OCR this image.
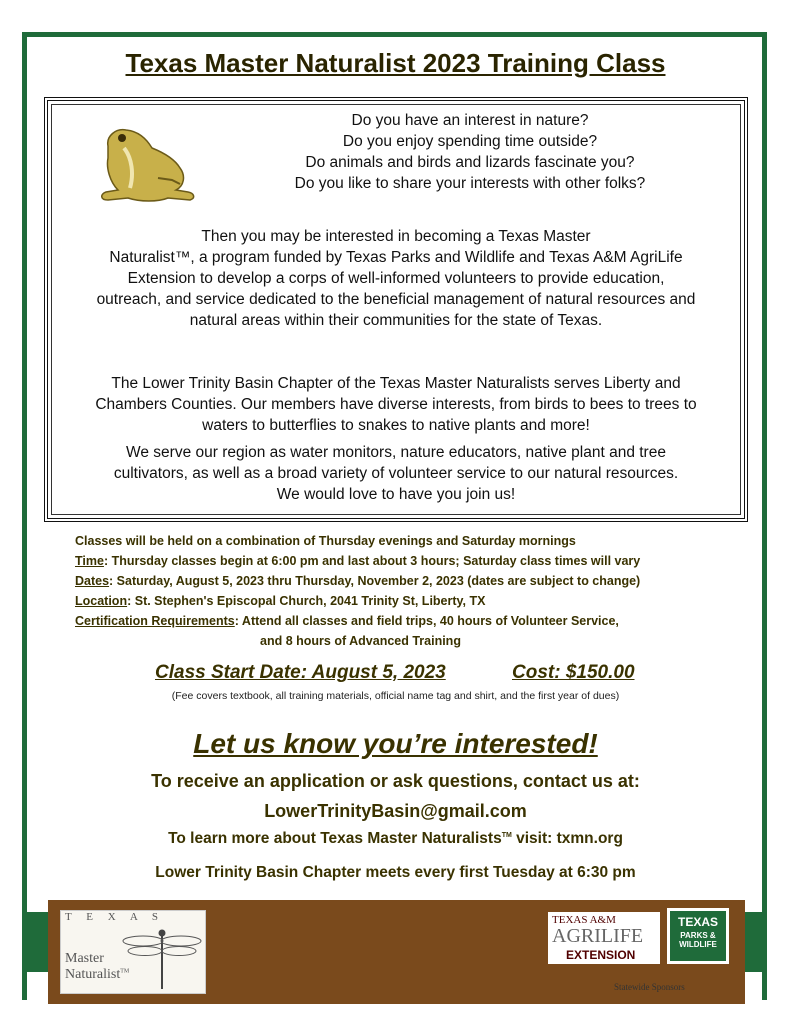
Texas Master Naturalist 2023 Training Class
Do you have an interest in nature?
Do you enjoy spending time outside?
Do animals and birds and lizards fascinate you?
Do you like to share your interests with other folks?
Then you may be interested in becoming a Texas Master
Naturalist™, a program funded by Texas Parks and Wildlife and Texas A&M AgriLife
Extension to develop a corps of well-informed volunteers to provide education,
outreach, and service dedicated to the beneficial management of natural resources and
natural areas within their communities for the state of Texas.
The Lower Trinity Basin Chapter of the Texas Master Naturalists serves Liberty and
Chambers Counties. Our members have diverse interests, from birds to bees to trees to
waters to butterflies to snakes to native plants and more!
We serve our region as water monitors, nature educators, native plant and tree
cultivators, as well as a broad variety of volunteer service to our natural resources.
We would love to have you join us!
Classes will be held on a combination of Thursday evenings and Saturday mornings
Time: Thursday classes begin at 6:00 pm and last about 3 hours; Saturday class times will vary
Dates: Saturday, August 5, 2023 thru Thursday, November 2, 2023 (dates are subject to change)
Location: St. Stephen's Episcopal Church, 2041 Trinity St, Liberty, TX
Certification Requirements: Attend all classes and field trips, 40 hours of Volunteer Service,
and 8 hours of Advanced Training
Class Start Date: August 5, 2023	Cost: $150.00
(Fee covers textbook, all training materials, official name tag and shirt, and the first year of dues)
Let us know you’re interested!
To receive an application or ask questions, contact us at:
LowerTrinityBasin@gmail.com
To learn more about Texas Master Naturalists™ visit: txmn.org
Lower Trinity Basin Chapter meets every first Tuesday at 6:30 pm
T E X A S
Master
Naturalist™
TEXAS A&M
AGRILIFE
EXTENSION
TEXAS
PARKS &
WILDLIFE
Statewide Sponsors
